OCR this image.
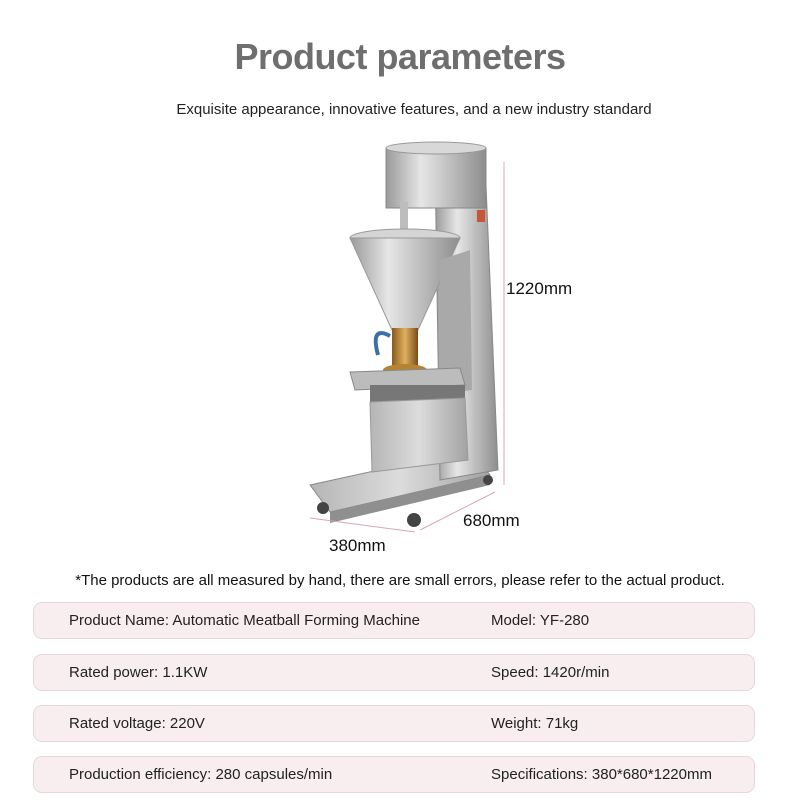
Product parameters
Exquisite appearance, innovative features, and a new industry standard
1220mm
680mm
380mm
*The products are all measured by hand, there are small errors, please refer to the actual product.
Product Name: Automatic Meatball Forming Machine	Model: YF-280
Rated power: 1.1KW	Speed: 1420r/min
Rated voltage: 220V	Weight: 71kg
Production efficiency: 280 capsules/min	Specifications: 380*680*1220mm
